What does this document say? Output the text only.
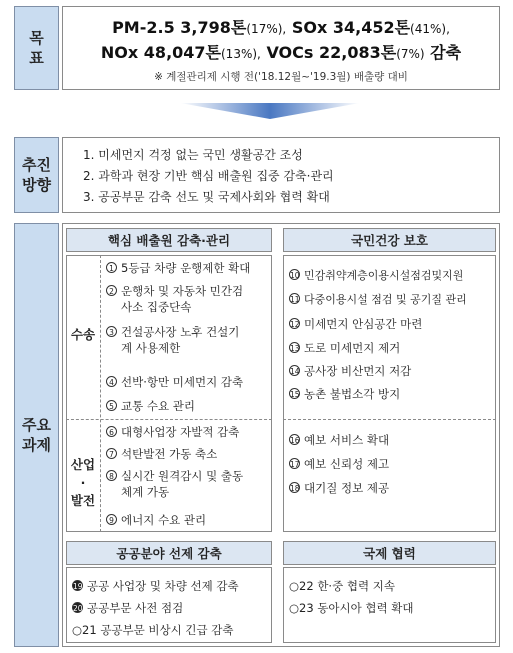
목표
PM-2.5 3,798톤(17%), SOx 34,452톤(41%),
NOx 48,047톤(13%), VOCs 22,083톤(7%) 감축
※ 계절관리제 시행 전('18.12월~'19.3월) 배출량 대비
추진 방향
1. 미세먼지 걱정 없는 국민 생활공간 조성
2. 과학과 현장 기반 핵심 배출원 집중 감축·관리
3. 공공부문 감축 선도 및 국제사회와 협력 확대
주요 과제
핵심 배출원 감축·관리
수송
산업
·
발전
1 5등급 차량 운행제한 확대
2 운행차 및 자동차 민간검
사소 집중단속
3 건설공사장 노후 건설기
계 사용제한
4 선박·항만 미세먼지 감축
5 교통 수요 관리
6 대형사업장 자발적 감축
7 석탄발전 가동 축소
8 실시간 원격감시 및 출동
체계 가동
9 에너지 수요 관리
국민건강 보호
10 민감취약계층이용시설점검및지원
11 다중이용시설 점검 및 공기질 관리
12 미세먼지 안심공간 마련
13 도로 미세먼지 제거
14 공사장 비산먼지 저감
15 농촌 불법소각 방지
16 예보 서비스 확대
17 예보 신뢰성 제고
18 대기질 정보 제공
공공분야 선제 감축
19 공공 사업장 및 차량 선제 감축
20 공공부문 사전 점검
○21 공공부문 비상시 긴급 감축
국제 협력
○22 한·중 협력 지속
○23 동아시아 협력 확대
